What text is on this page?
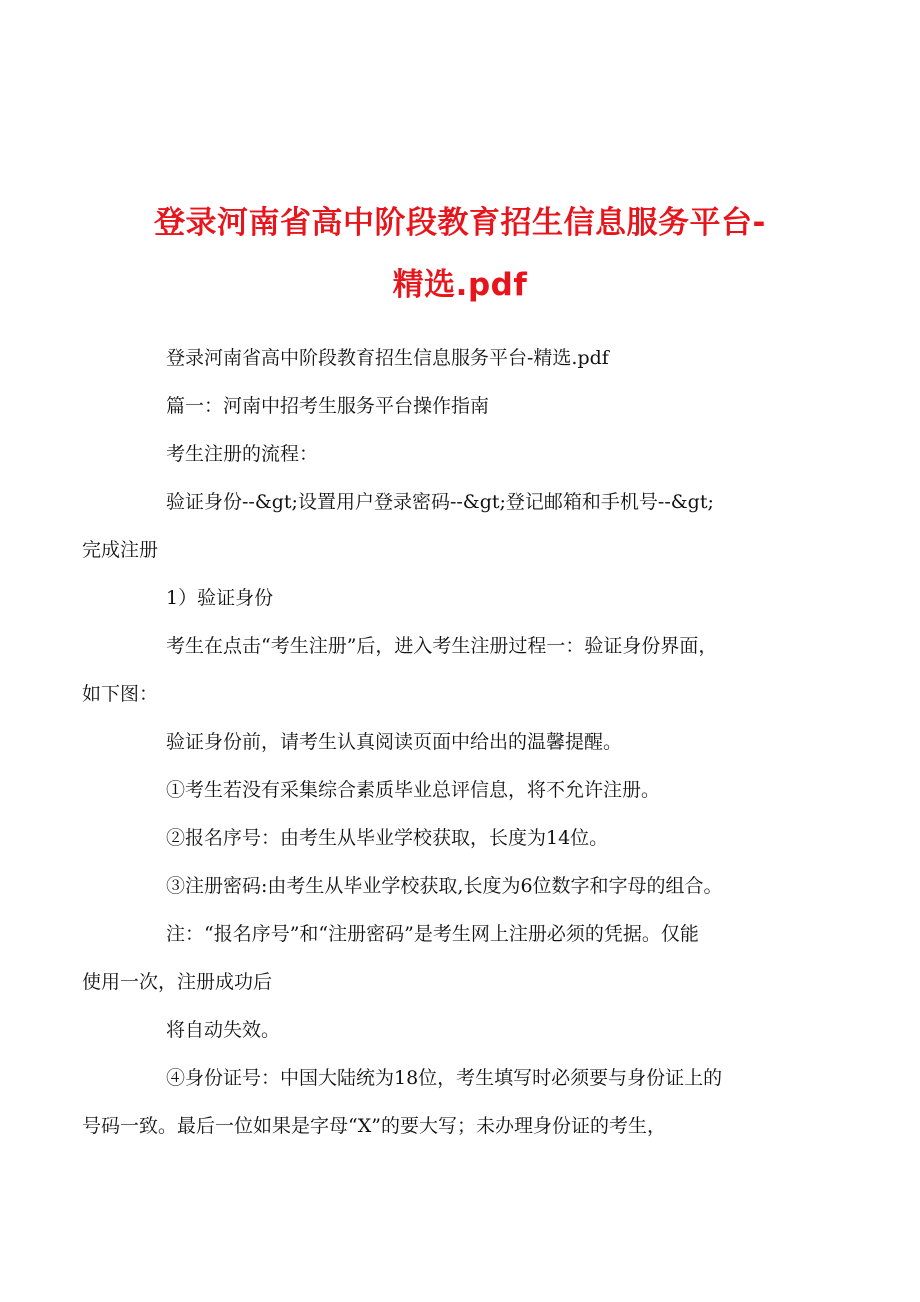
登录河南省高中阶段教育招生信息服务平台-
精选.pdf

登录河南省高中阶段教育招生信息服务平台-精选.pdf

篇一：河南中招考生服务平台操作指南

考生注册的流程：

验证身份--&gt;设置用户登录密码--&gt;登记邮箱和手机号--&gt;
完成注册

1）验证身份

考生在点击“考生注册”后，进入考生注册过程一：验证身份界面，
如下图：

验证身份前，请考生认真阅读页面中给出的温馨提醒。

①考生若没有采集综合素质毕业总评信息，将不允许注册。

②报名序号：由考生从毕业学校获取，长度为14位。

③注册密码:由考生从毕业学校获取,长度为6位数字和字母的组合。

注：“报名序号”和“注册密码”是考生网上注册必须的凭据。仅能
使用一次，注册成功后

将自动失效。

④身份证号：中国大陆统为18位，考生填写时必须要与身份证上的
号码一致。最后一位如果是字母“X”的要大写；未办理身份证的考生，
